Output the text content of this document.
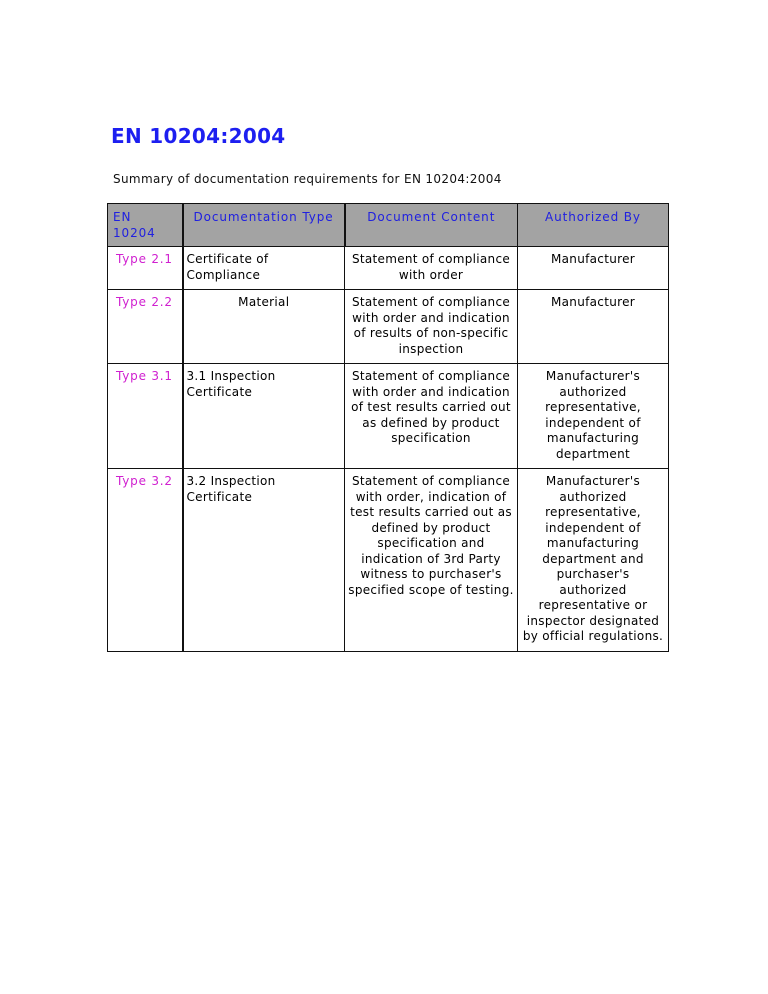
EN 10204:2004

Summary of documentation requirements for EN 10204:2004

EN 10204	Documentation Type	Document Content	Authorized By
Type 2.1	Certificate of Compliance	Statement of compliance with order	Manufacturer
Type 2.2	Material	Statement of compliance with order and indication of results of non-specific inspection	Manufacturer
Type 3.1	3.1 Inspection Certificate	Statement of compliance with order and indication of test results carried out as defined by product specification	Manufacturer's authorized representative, independent of manufacturing department
Type 3.2	3.2 Inspection Certificate	Statement of compliance with order, indication of test results carried out as defined by product specification and indication of 3rd Party witness to purchaser's specified scope of testing.	Manufacturer's authorized representative, independent of manufacturing department and purchaser's authorized representative or inspector designated by official regulations.
